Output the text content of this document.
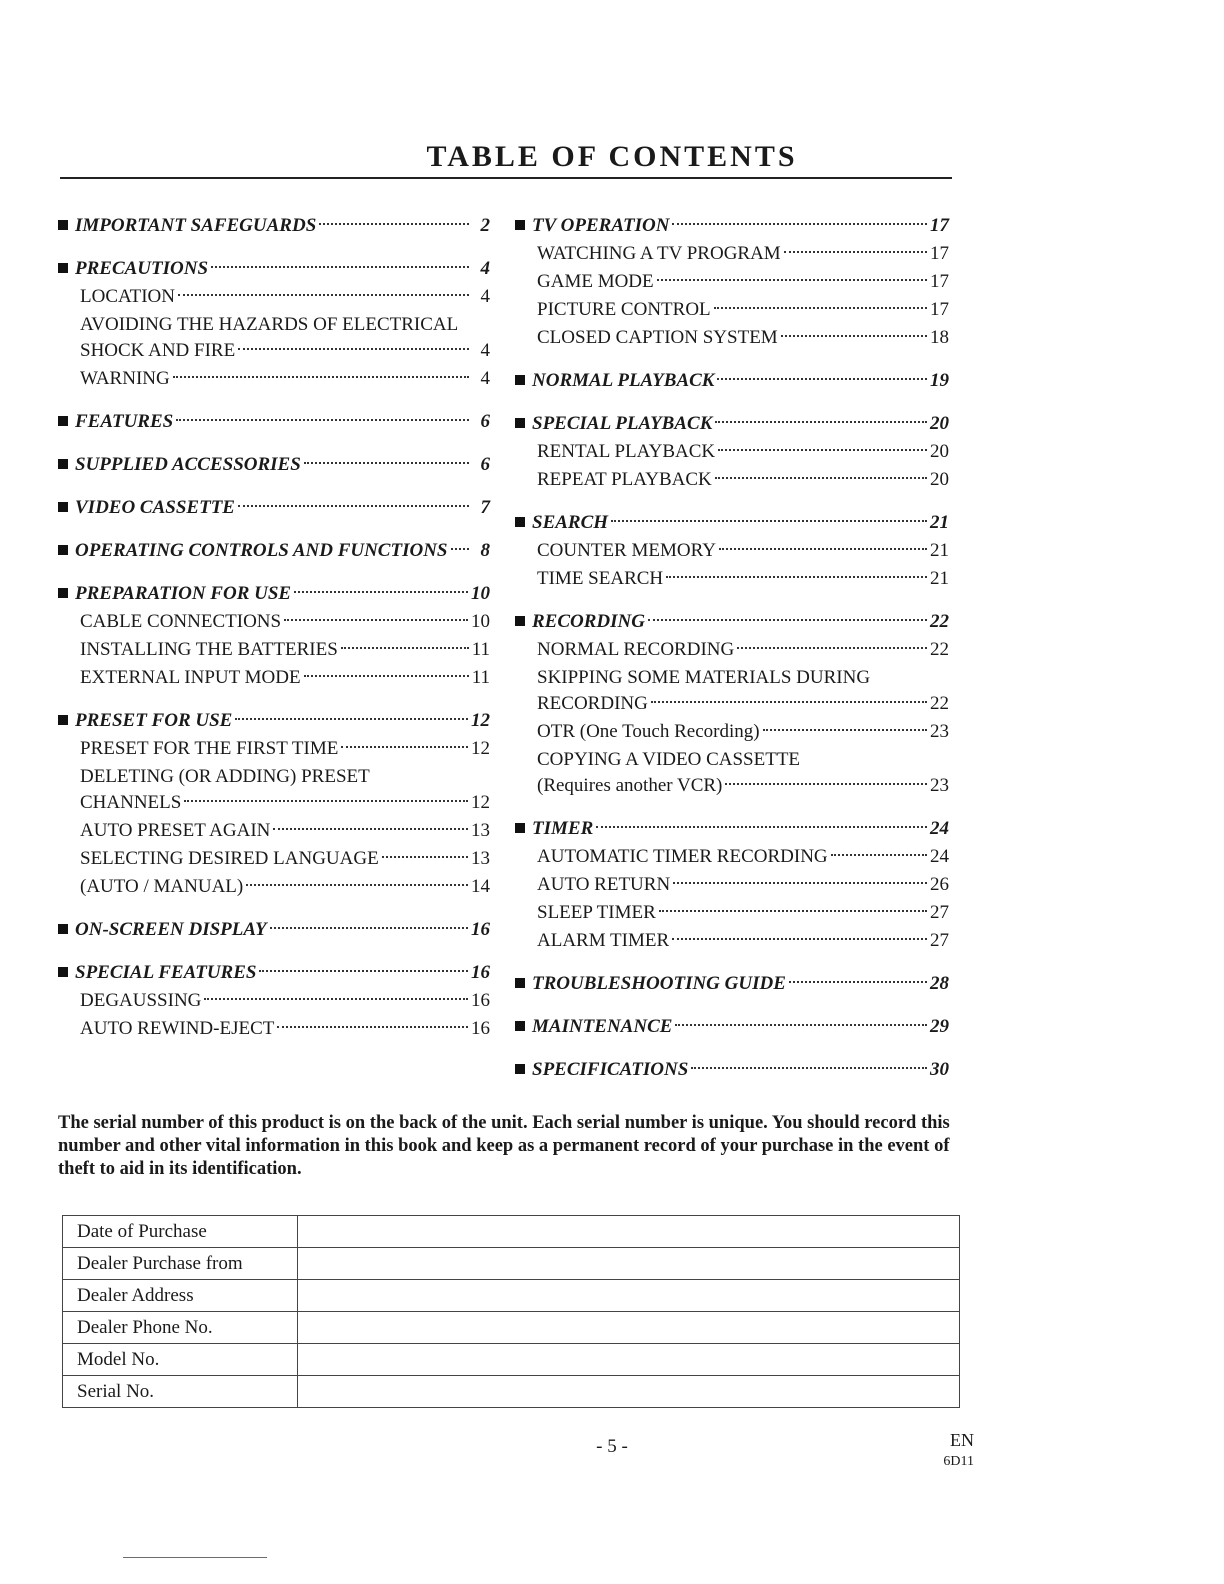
TABLE OF CONTENTS
IMPORTANT SAFEGUARDS	2
PRECAUTIONS	4
LOCATION	4
AVOIDING THE HAZARDS OF ELECTRICAL
SHOCK AND FIRE	4
WARNING	4
FEATURES	6
SUPPLIED ACCESSORIES	6
VIDEO CASSETTE	7
OPERATING CONTROLS AND FUNCTIONS	8
PREPARATION FOR USE	10
CABLE CONNECTIONS	10
INSTALLING THE BATTERIES	11
EXTERNAL INPUT MODE	11
PRESET FOR USE	12
PRESET FOR THE FIRST TIME	12
DELETING (OR ADDING) PRESET
CHANNELS	12
AUTO PRESET AGAIN	13
SELECTING DESIRED LANGUAGE	13
(AUTO / MANUAL)	14
ON-SCREEN DISPLAY	16
SPECIAL FEATURES	16
DEGAUSSING	16
AUTO REWIND-EJECT	16
TV OPERATION	17
WATCHING A TV PROGRAM	17
GAME MODE	17
PICTURE CONTROL	17
CLOSED CAPTION SYSTEM	18
NORMAL PLAYBACK	19
SPECIAL PLAYBACK	20
RENTAL PLAYBACK	20
REPEAT PLAYBACK	20
SEARCH	21
COUNTER MEMORY	21
TIME SEARCH	21
RECORDING	22
NORMAL RECORDING	22
SKIPPING SOME MATERIALS DURING
RECORDING	22
OTR (One Touch Recording)	23
COPYING A VIDEO CASSETTE
(Requires another VCR)	23
TIMER	24
AUTOMATIC TIMER RECORDING	24
AUTO RETURN	26
SLEEP TIMER	27
ALARM TIMER	27
TROUBLESHOOTING GUIDE	28
MAINTENANCE	29
SPECIFICATIONS	30
The serial number of this product is on the back of the unit. Each serial number is unique. You should record this number and other vital information in this book and keep as a permanent record of your purchase in the event of theft to aid in its identification.
Date of Purchase	
Dealer Purchase from	
Dealer Address	
Dealer Phone No.	
Model No.	
Serial No.	
- 5 -	EN
6D11
